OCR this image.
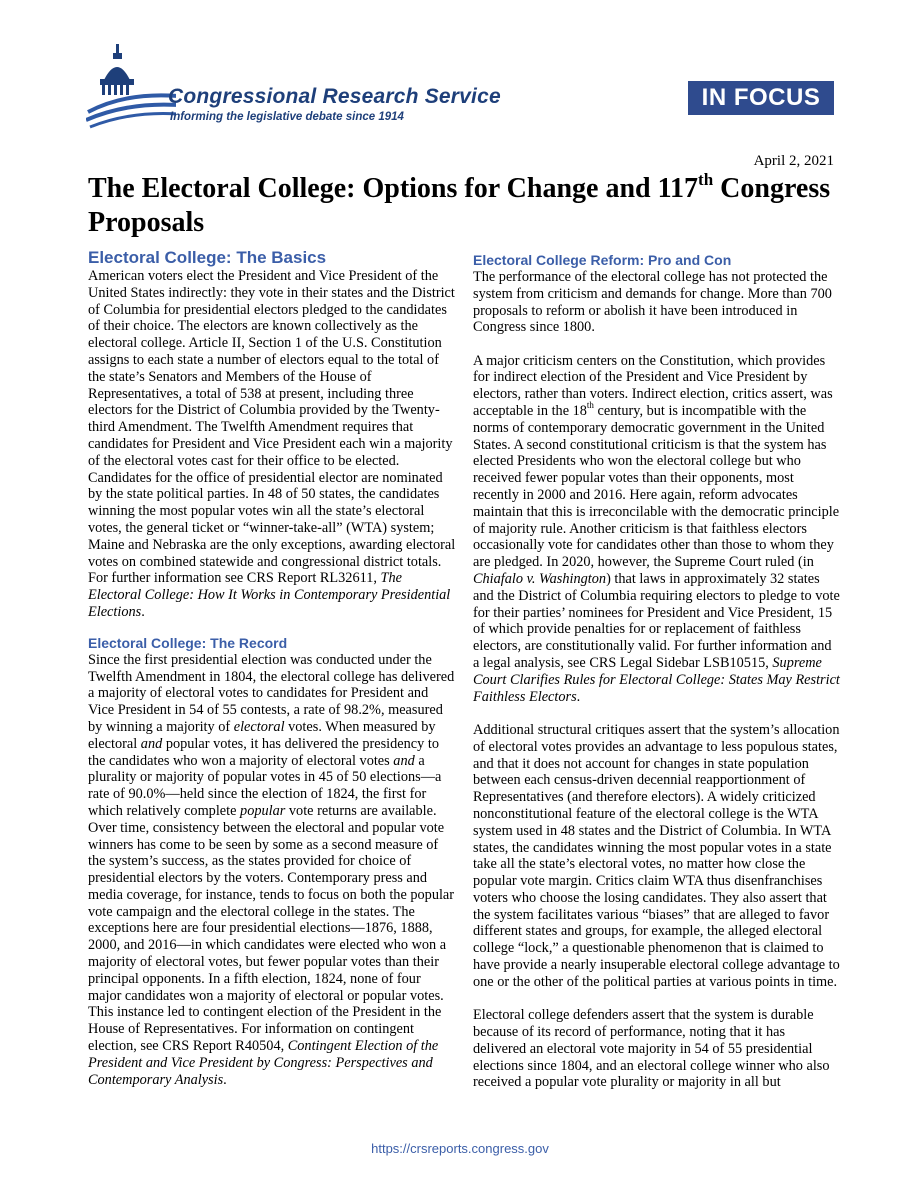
Congressional Research Service
Informing the legislative debate since 1914
IN FOCUS
April 2, 2021
The Electoral College: Options for Change and 117th Congress Proposals
Electoral College: The Basics

American voters elect the President and Vice President of the United States indirectly: they vote in their states and the District of Columbia for presidential electors pledged to the candidates of their choice. The electors are known collectively as the electoral college. Article II, Section 1 of the U.S. Constitution assigns to each state a number of electors equal to the total of the state’s Senators and Members of the House of Representatives, a total of 538 at present, including three electors for the District of Columbia provided by the Twenty-third Amendment. The Twelfth Amendment requires that candidates for President and Vice President each win a majority of the electoral votes cast for their office to be elected. Candidates for the office of presidential elector are nominated by the state political parties. In 48 of 50 states, the candidates winning the most popular votes win all the state’s electoral votes, the general ticket or “winner-take-all” (WTA) system; Maine and Nebraska are the only exceptions, awarding electoral votes on combined statewide and congressional district totals. For further information see CRS Report RL32611, The Electoral College: How It Works in Contemporary Presidential Elections.

Electoral College: The Record

Since the first presidential election was conducted under the Twelfth Amendment in 1804, the electoral college has delivered a majority of electoral votes to candidates for President and Vice President in 54 of 55 contests, a rate of 98.2%, measured by winning a majority of electoral votes. When measured by electoral and popular votes, it has delivered the presidency to the candidates who won a majority of electoral votes and a plurality or majority of popular votes in 45 of 50 elections—a rate of 90.0%—held since the election of 1824, the first for which relatively complete popular vote returns are available. Over time, consistency between the electoral and popular vote winners has come to be seen by some as a second measure of the system’s success, as the states provided for choice of presidential electors by the voters. Contemporary press and media coverage, for instance, tends to focus on both the popular vote campaign and the electoral college in the states. The exceptions here are four presidential elections—1876, 1888, 2000, and 2016—in which candidates were elected who won a majority of electoral votes, but fewer popular votes than their principal opponents. In a fifth election, 1824, none of four major candidates won a majority of electoral or popular votes. This instance led to contingent election of the President in the House of Representatives. For information on contingent election, see CRS Report R40504, Contingent Election of the President and Vice President by Congress: Perspectives and Contemporary Analysis.

Electoral College Reform: Pro and Con

The performance of the electoral college has not protected the system from criticism and demands for change. More than 700 proposals to reform or abolish it have been introduced in Congress since 1800.

A major criticism centers on the Constitution, which provides for indirect election of the President and Vice President by electors, rather than voters. Indirect election, critics assert, was acceptable in the 18th century, but is incompatible with the norms of contemporary democratic government in the United States. A second constitutional criticism is that the system has elected Presidents who won the electoral college but who received fewer popular votes than their opponents, most recently in 2000 and 2016. Here again, reform advocates maintain that this is irreconcilable with the democratic principle of majority rule. Another criticism is that faithless electors occasionally vote for candidates other than those to whom they are pledged. In 2020, however, the Supreme Court ruled (in Chiafalo v. Washington) that laws in approximately 32 states and the District of Columbia requiring electors to pledge to vote for their parties’ nominees for President and Vice President, 15 of which provide penalties for or replacement of faithless electors, are constitutionally valid. For further information and a legal analysis, see CRS Legal Sidebar LSB10515, Supreme Court Clarifies Rules for Electoral College: States May Restrict Faithless Electors.

Additional structural critiques assert that the system’s allocation of electoral votes provides an advantage to less populous states, and that it does not account for changes in state population between each census-driven decennial reapportionment of Representatives (and therefore electors). A widely criticized nonconstitutional feature of the electoral college is the WTA system used in 48 states and the District of Columbia. In WTA states, the candidates winning the most popular votes in a state take all the state’s electoral votes, no matter how close the popular vote margin. Critics claim WTA thus disenfranchises voters who choose the losing candidates. They also assert that the system facilitates various “biases” that are alleged to favor different states and groups, for example, the alleged electoral college “lock,” a questionable phenomenon that is claimed to have provide a nearly insuperable electoral college advantage to one or the other of the political parties at various points in time.

Electoral college defenders assert that the system is durable because of its record of performance, noting that it has delivered an electoral vote majority in 54 of 55 presidential elections since 1804, and an electoral college winner who also received a popular vote plurality or majority in all but

https://crsreports.congress.gov
